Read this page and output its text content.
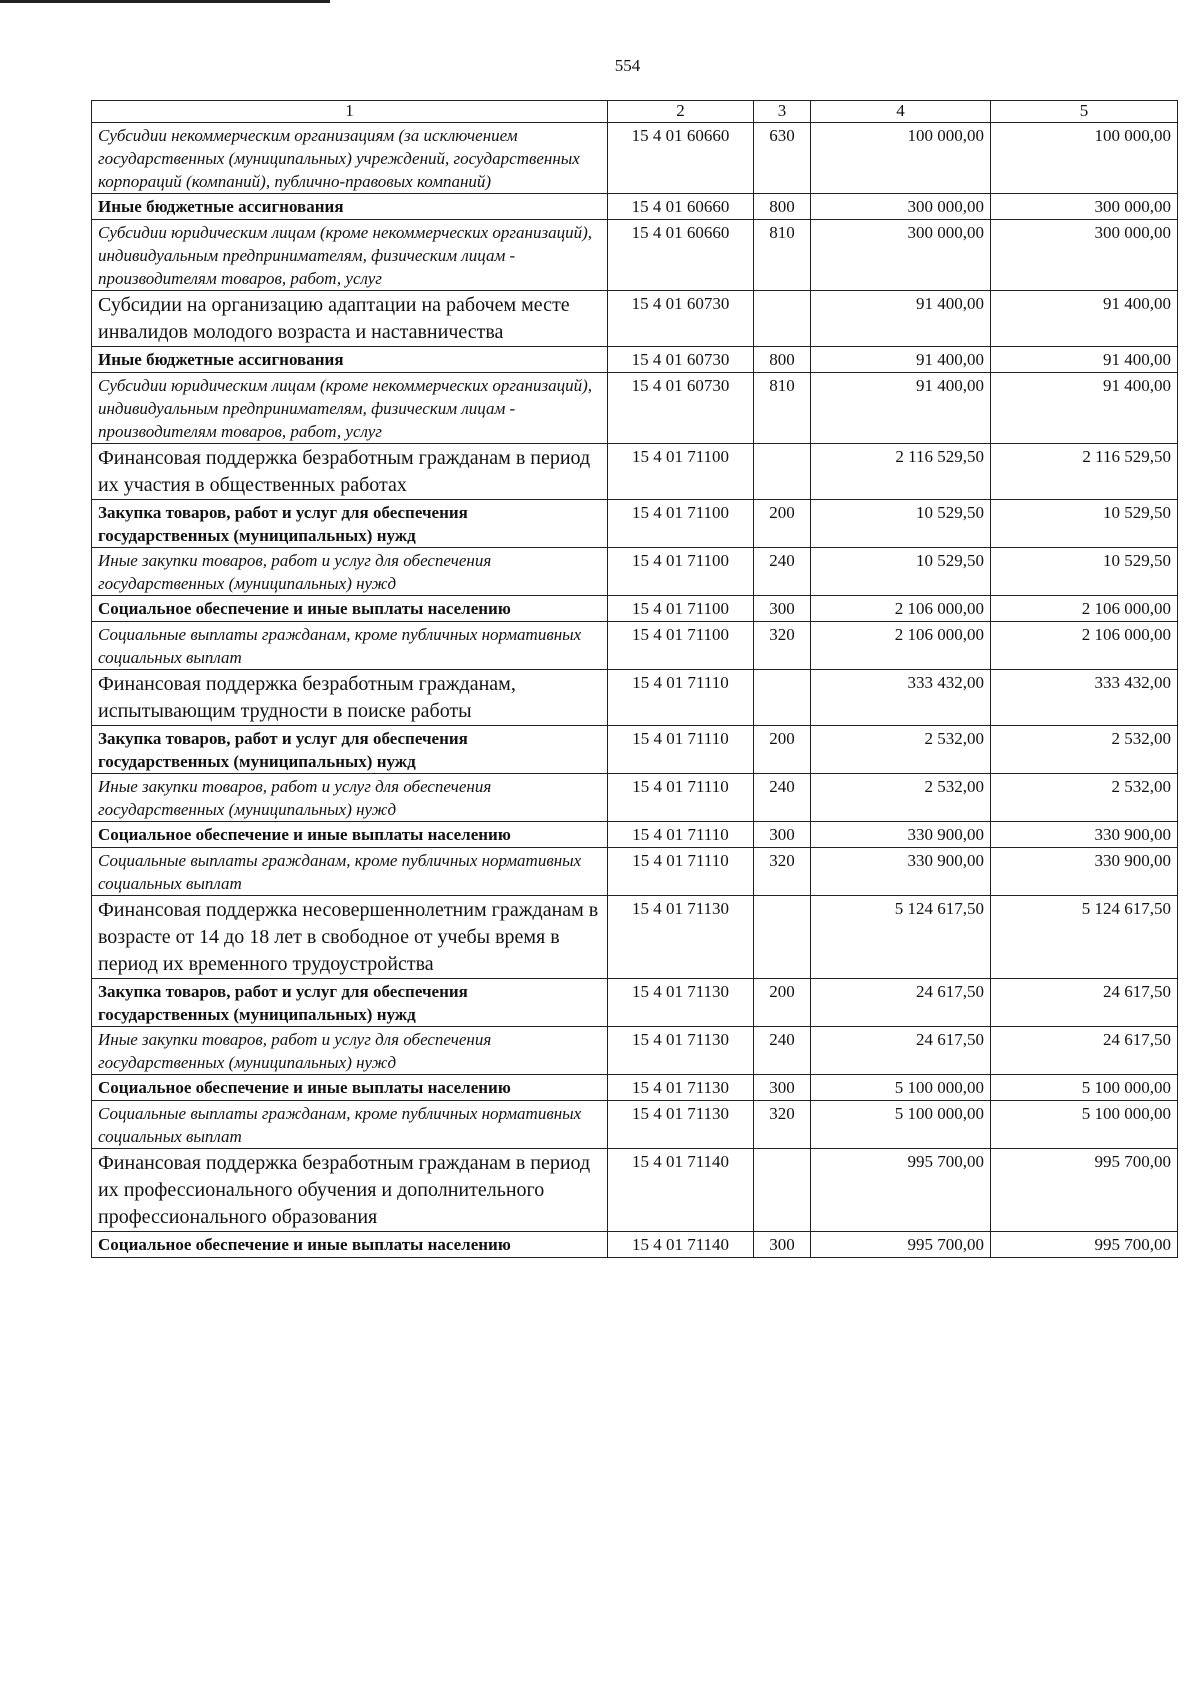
554
1	2	3	4	5
Субсидии некоммерческим организациям (за исключением государственных (муниципальных) учреждений, государственных корпораций (компаний), публично-правовых компаний)	15 4 01 60660	630	100 000,00	100 000,00
Иные бюджетные ассигнования	15 4 01 60660	800	300 000,00	300 000,00
Субсидии юридическим лицам (кроме некоммерческих организаций), индивидуальным предпринимателям, физическим лицам - производителям товаров, работ, услуг	15 4 01 60660	810	300 000,00	300 000,00
Субсидии на организацию адаптации на рабочем месте инвалидов молодого возраста и наставничества	15 4 01 60730		91 400,00	91 400,00
Иные бюджетные ассигнования	15 4 01 60730	800	91 400,00	91 400,00
Субсидии юридическим лицам (кроме некоммерческих организаций), индивидуальным предпринимателям, физическим лицам - производителям товаров, работ, услуг	15 4 01 60730	810	91 400,00	91 400,00
Финансовая поддержка безработным гражданам в период их участия в общественных работах	15 4 01 71100		2 116 529,50	2 116 529,50
Закупка товаров, работ и услуг для обеспечения государственных (муниципальных) нужд	15 4 01 71100	200	10 529,50	10 529,50
Иные закупки товаров, работ и услуг для обеспечения государственных (муниципальных) нужд	15 4 01 71100	240	10 529,50	10 529,50
Социальное обеспечение и иные выплаты населению	15 4 01 71100	300	2 106 000,00	2 106 000,00
Социальные выплаты гражданам, кроме публичных нормативных социальных выплат	15 4 01 71100	320	2 106 000,00	2 106 000,00
Финансовая поддержка безработным гражданам, испытывающим трудности в поиске работы	15 4 01 71110		333 432,00	333 432,00
Закупка товаров, работ и услуг для обеспечения государственных (муниципальных) нужд	15 4 01 71110	200	2 532,00	2 532,00
Иные закупки товаров, работ и услуг для обеспечения государственных (муниципальных) нужд	15 4 01 71110	240	2 532,00	2 532,00
Социальное обеспечение и иные выплаты населению	15 4 01 71110	300	330 900,00	330 900,00
Социальные выплаты гражданам, кроме публичных нормативных социальных выплат	15 4 01 71110	320	330 900,00	330 900,00
Финансовая поддержка несовершеннолетним гражданам в возрасте от 14 до 18 лет в свободное от учебы время в период их временного трудоустройства	15 4 01 71130		5 124 617,50	5 124 617,50
Закупка товаров, работ и услуг для обеспечения государственных (муниципальных) нужд	15 4 01 71130	200	24 617,50	24 617,50
Иные закупки товаров, работ и услуг для обеспечения государственных (муниципальных) нужд	15 4 01 71130	240	24 617,50	24 617,50
Социальное обеспечение и иные выплаты населению	15 4 01 71130	300	5 100 000,00	5 100 000,00
Социальные выплаты гражданам, кроме публичных нормативных социальных выплат	15 4 01 71130	320	5 100 000,00	5 100 000,00
Финансовая поддержка безработным гражданам в период их профессионального обучения и дополнительного профессионального образования	15 4 01 71140		995 700,00	995 700,00
Социальное обеспечение и иные выплаты населению	15 4 01 71140	300	995 700,00	995 700,00
